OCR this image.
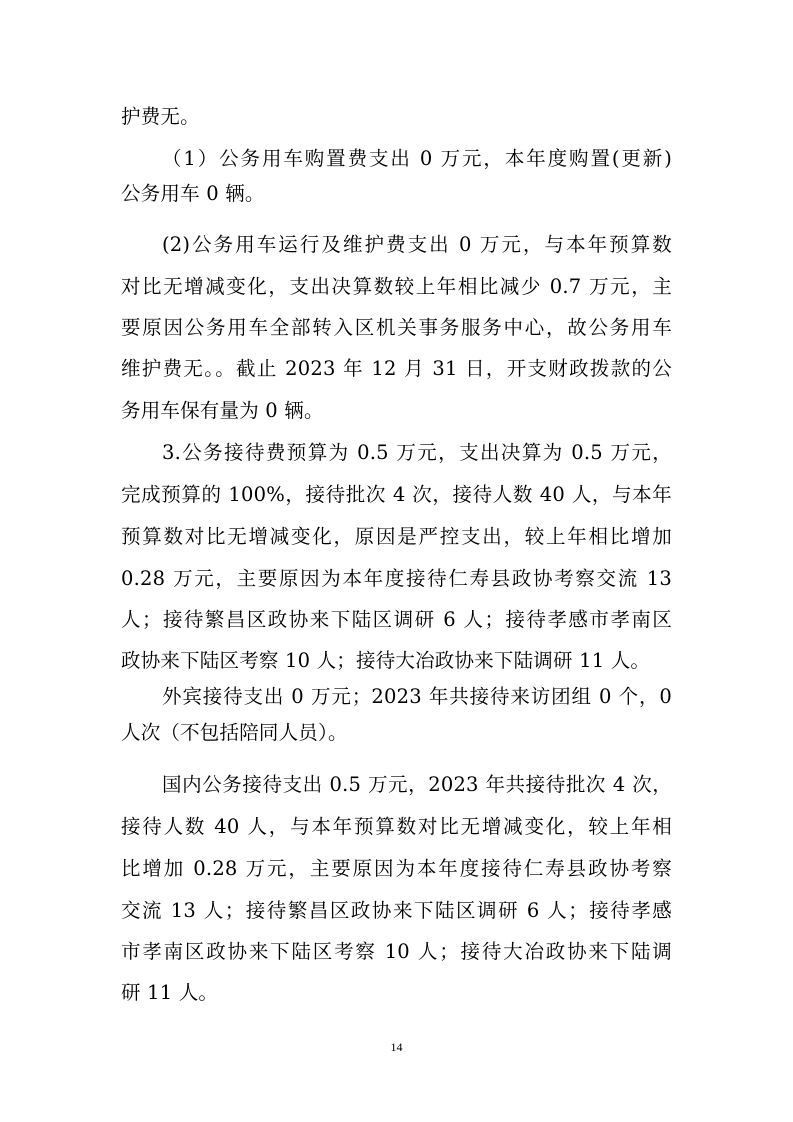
护费无。
（1）公务用车购置费支出 0 万元，本年度购置(更新)
公务用车 0 辆。
(2)公务用车运行及维护费支出 0 万元，与本年预算数
对比无增减变化，支出决算数较上年相比减少 0.7 万元，主
要原因公务用车全部转入区机关事务服务中心，故公务用车
维护费无。。截止 2023 年 12 月 31 日，开支财政拨款的公
务用车保有量为 0 辆。
3.公务接待费预算为 0.5 万元，支出决算为 0.5 万元，
完成预算的 100%，接待批次 4 次，接待人数 40 人，与本年
预算数对比无增减变化，原因是严控支出，较上年相比增加
0.28 万元，主要原因为本年度接待仁寿县政协考察交流 13
人；接待繁昌区政协来下陆区调研 6 人；接待孝感市孝南区
政协来下陆区考察 10 人；接待大冶政协来下陆调研 11 人。
外宾接待支出 0 万元；2023 年共接待来访团组 0 个，0
人次（不包括陪同人员）。
国内公务接待支出 0.5 万元，2023 年共接待批次 4 次，
接待人数 40 人，与本年预算数对比无增减变化，较上年相
比增加 0.28 万元，主要原因为本年度接待仁寿县政协考察
交流 13 人；接待繁昌区政协来下陆区调研 6 人；接待孝感
市孝南区政协来下陆区考察 10 人；接待大冶政协来下陆调
研 11 人。
14
